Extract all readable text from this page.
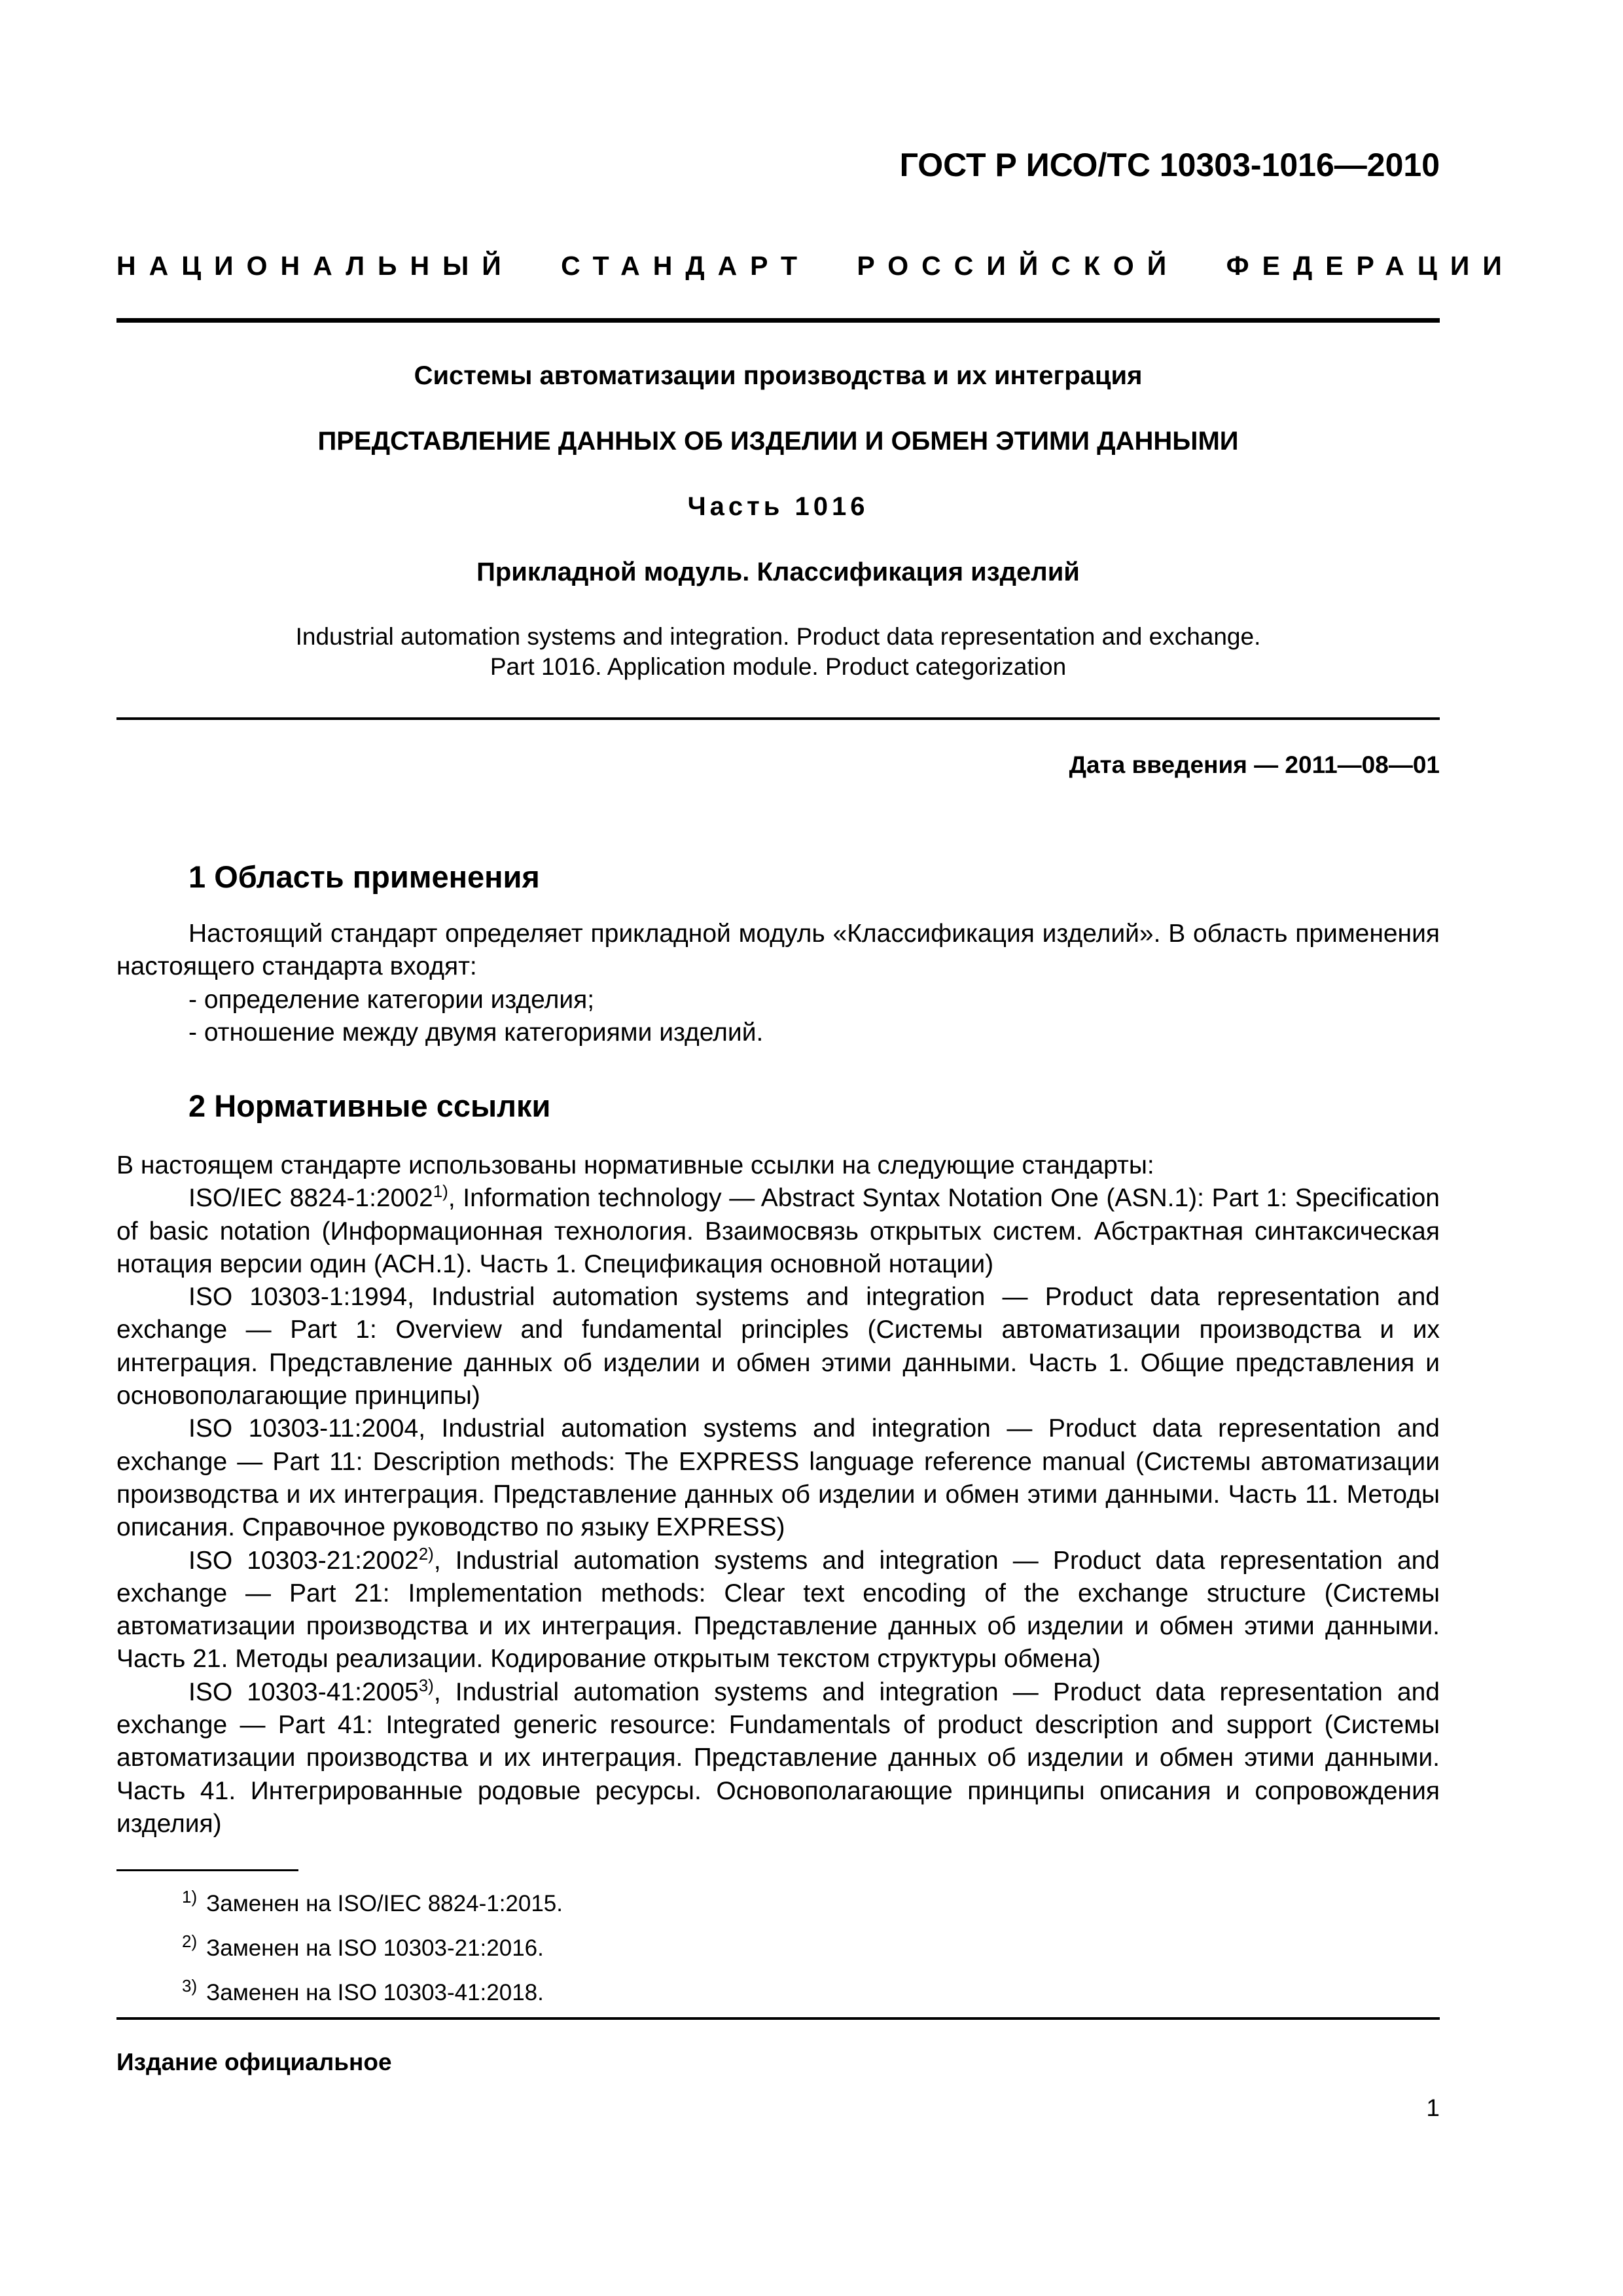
ГОСТ Р ИСО/ТС 10303-1016—2010
НАЦИОНАЛЬНЫЙ СТАНДАРТ РОССИЙСКОЙ ФЕДЕРАЦИИ
Системы автоматизации производства и их интеграция
ПРЕДСТАВЛЕНИЕ ДАННЫХ ОБ ИЗДЕЛИИ И ОБМЕН ЭТИМИ ДАННЫМИ
Часть 1016
Прикладной модуль. Классификация изделий
Industrial automation systems and integration. Product data representation and exchange.
Part 1016. Application module. Product categorization
Дата введения — 2011—08—01
1 Область применения

Настоящий стандарт определяет прикладной модуль «Классификация изделий». В область применения настоящего стандарта входят:

- определение категории изделия;

- отношение между двумя категориями изделий.

2 Нормативные ссылки

В настоящем стандарте использованы нормативные ссылки на следующие стандарты:

ISO/IEC 8824-1:2002$^{1)}$, Information technology — Abstract Syntax Notation One (ASN.1): Part 1: Specification of basic notation (Информационная технология. Взаимосвязь открытых систем. Абстрактная синтаксическая нотация версии один (АСН.1). Часть 1. Спецификация основной нотации)

ISO 10303-1:1994, Industrial automation systems and integration — Product data representation and exchange — Part 1: Overview and fundamental principles (Системы автоматизации производства и их интеграция. Представление данных об изделии и обмен этими данными. Часть 1. Общие представления и основополагающие принципы)

ISO 10303-11:2004, Industrial automation systems and integration — Product data representation and exchange — Part 11: Description methods: The EXPRESS language reference manual (Системы автоматизации производства и их интеграция. Представление данных об изделии и обмен этими данными. Часть 11. Методы описания. Справочное руководство по языку EXPRESS)

ISO 10303-21:2002$^{2)}$, Industrial automation systems and integration — Product data representation and exchange — Part 21: Implementation methods: Clear text encoding of the exchange structure (Системы автоматизации производства и их интеграция. Представление данных об изделии и обмен этими данными. Часть 21. Методы реализации. Кодирование открытым текстом структуры обмена)

ISO 10303-41:2005$^{3)}$, Industrial automation systems and integration — Product data representation and exchange — Part 41: Integrated generic resource: Fundamentals of product description and support (Системы автоматизации производства и их интеграция. Представление данных об изделии и обмен этими данными. Часть 41. Интегрированные родовые ресурсы. Основополагающие принципы описания и сопровождения изделия)

$^{1)}$ Заменен на ISO/IEC 8824-1:2015.
$^{2)}$ Заменен на ISO 10303-21:2016.
$^{3)}$ Заменен на ISO 10303-41:2018.
Издание официальное
1
